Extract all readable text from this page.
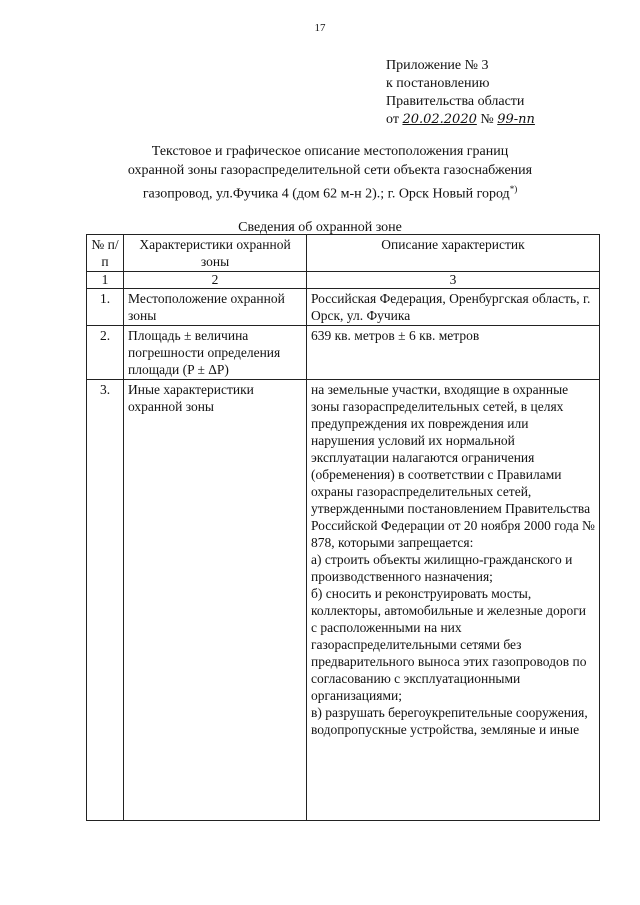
17
Приложение № 3
к постановлению
Правительства области
от 20.02.2020 № 99-пп
Текстовое и графическое описание местоположения границ
охранной зоны газораспределительной сети объекта газоснабжения
газопровод, ул.Фучика 4 (дом 62 м-н 2).; г. Орск Новый город*)
Сведения об охранной зоне
№ п/п	Характеристики охранной зоны	Описание характеристик
1	2	3
1.	Местоположение охранной зоны	Российская Федерация, Оренбургская область, г. Орск, ул. Фучика
2.	Площадь ± величина погрешности определения площади (P ± ΔP)	639 кв. метров ± 6 кв. метров
3.	Иные характеристики охранной зоны	на земельные участки, входящие в охранные зоны газораспределительных сетей, в целях предупреждения их повреждения или нарушения условий их нормальной эксплуатации налагаются ограничения (обременения) в соответствии с Правилами охраны газораспределительных сетей, утвержденными постановлением Правительства Российской Федерации от 20 ноября 2000 года № 878, которыми запрещается:
а) строить объекты жилищно-гражданского и производственного назначения;
б) сносить и реконструировать мосты, коллекторы, автомобильные и железные дороги с расположенными на них газораспределительными сетями без предварительного выноса этих газопроводов по согласованию с эксплуатационными организациями;
в) разрушать берегоукрепительные сооружения, водопропускные устройства, земляные и иные
